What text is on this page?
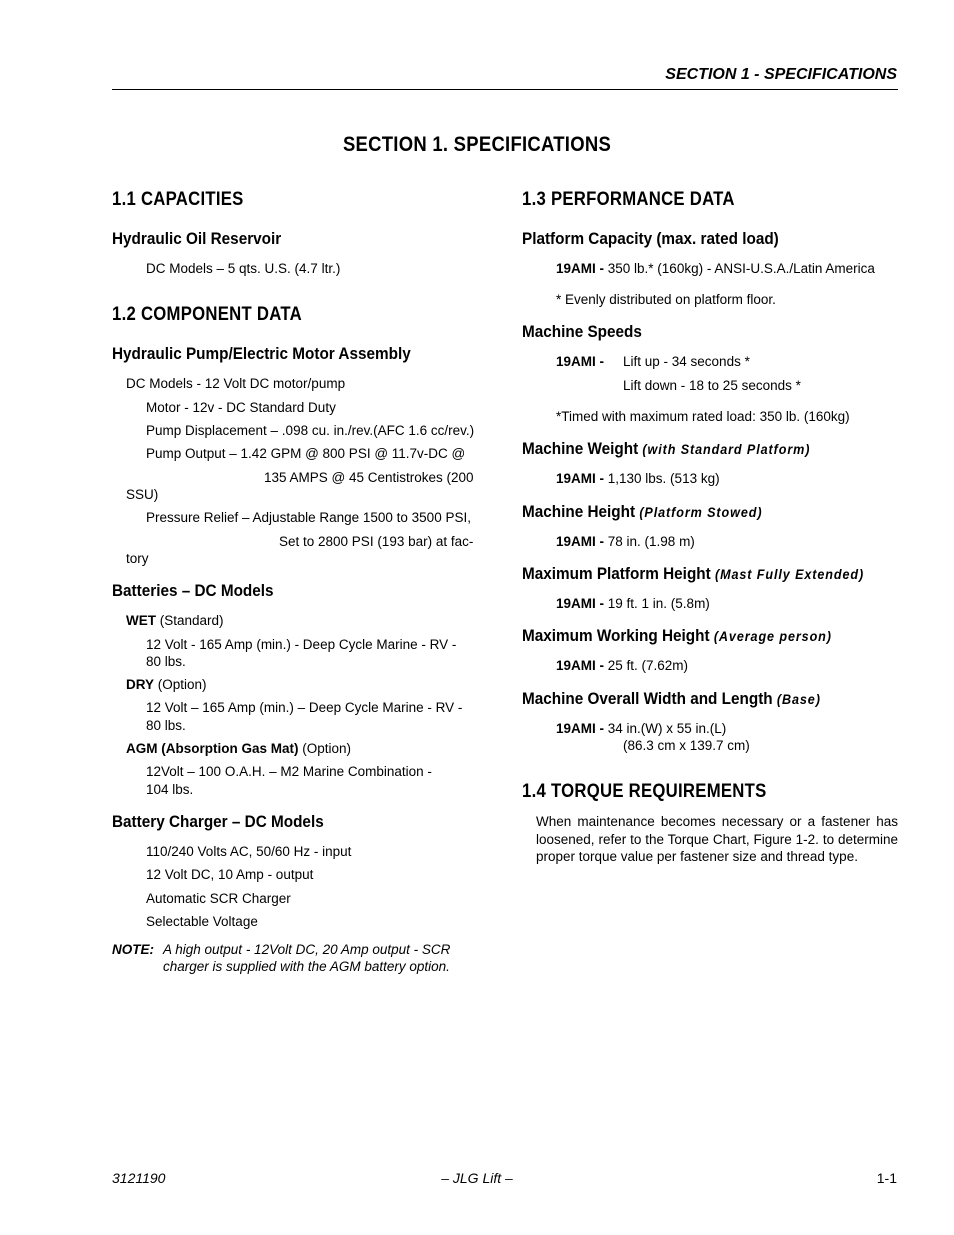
SECTION 1 - SPECIFICATIONS
SECTION 1. SPECIFICATIONS
1.1 CAPACITIES
Hydraulic Oil Reservoir
DC Models – 5 qts. U.S. (4.7 ltr.)
1.2 COMPONENT DATA
Hydraulic Pump/Electric Motor Assembly
DC Models - 12 Volt DC motor/pump
Motor - 12v - DC Standard Duty
Pump Displacement – .098 cu. in./rev.(AFC 1.6 cc/rev.)
Pump Output – 1.42 GPM @ 800 PSI @ 11.7v-DC @
135 AMPS @ 45 Centistrokes (200
SSU)
Pressure Relief – Adjustable Range 1500 to 3500 PSI,
Set to 2800 PSI (193 bar) at fac-
tory
Batteries – DC Models
WET (Standard)
12 Volt - 165 Amp (min.) - Deep Cycle Marine - RV -
80 lbs.
DRY (Option)
12 Volt – 165 Amp (min.) – Deep Cycle Marine - RV -
80 lbs.
AGM (Absorption Gas Mat) (Option)
12Volt – 100 O.A.H. – M2 Marine Combination -
104 lbs.
Battery Charger – DC Models
110/240 Volts AC, 50/60 Hz - input
12 Volt DC, 10 Amp - output
Automatic SCR Charger
Selectable Voltage
NOTE: A high output - 12Volt DC, 20 Amp output - SCR
charger is supplied with the AGM battery option.
1.3 PERFORMANCE DATA
Platform Capacity (max. rated load)
19AMI - 350 lb.* (160kg) - ANSI-U.S.A./Latin America
* Evenly distributed on platform floor.
Machine Speeds
19AMI - Lift up - 34 seconds *
Lift down - 18 to 25 seconds *
*Timed with maximum rated load: 350 lb. (160kg)
Machine Weight (with Standard Platform)
19AMI - 1,130 lbs. (513 kg)
Machine Height (Platform Stowed)
19AMI - 78 in. (1.98 m)
Maximum Platform Height (Mast Fully Extended)
19AMI - 19 ft. 1 in. (5.8m)
Maximum Working Height (Average person)
19AMI - 25 ft. (7.62m)
Machine Overall Width and Length (Base)
19AMI - 34 in.(W) x 55 in.(L)
(86.3 cm x 139.7 cm)
1.4 TORQUE REQUIREMENTS
When maintenance becomes necessary or a fastener has loosened, refer to the Torque Chart, Figure 1-2. to determine proper torque value per fastener size and thread type.
3121190	– JLG Lift –	1-1
